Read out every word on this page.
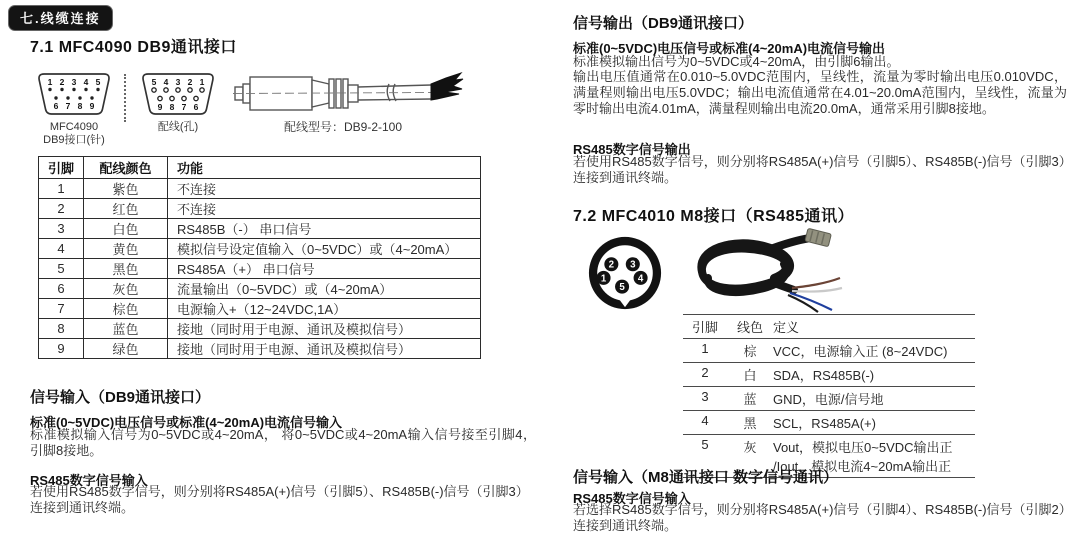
七.线缆连接
7.1 MFC4090 DB9通讯接口
1 2 3 4 5
6 7 8 9
MFC4090
DB9接口(针)
5 4 3 2 1
9 8 7 6
配线(孔)	配线型号：DB9-2-100
引脚	配线颜色	功能
1	紫色	不连接
2	红色	不连接
3	白色	RS485B（-） 串口信号
4	黄色	模拟信号设定值输入（0~5VDC）或（4~20mA）
5	黑色	RS485A（+） 串口信号
6	灰色	流量输出（0~5VDC）或（4~20mA）
7	棕色	电源输入+（12~24VDC,1A）
8	蓝色	接地（同时用于电源、通讯及模拟信号）
9	绿色	接地（同时用于电源、通讯及模拟信号）
信号输入（DB9通讯接口）
标准(0~5VDC)电压信号或标准(4~20mA)电流信号输入
标准模拟输入信号为0~5VDC或4~20mA， 将0~5VDC或4~20mA输入信号接至引脚4，引脚8接地。
RS485数字信号输入
若使用RS485数字信号，则分别将RS485A(+)信号（引脚5）、RS485B(-)信号（引脚3）连接到通讯终端。
信号输出（DB9通讯接口）
标准(0~5VDC)电压信号或标准(4~20mA)电流信号输出
标准模拟输出信号为0~5VDC或4~20mA，由引脚6输出。
输出电压值通常在0.010~5.0VDC范围内，呈线性，流量为零时输出电压0.010VDC，满量程则输出电压5.0VDC；输出电流值通常在4.01~20.0mA范围内，呈线性，流量为零时输出电流4.01mA，满量程则输出电流20.0mA，通常采用引脚8接地。
RS485数字信号输出
若使用RS485数字信号，则分别将RS485A(+)信号（引脚5）、RS485B(-)信号（引脚3）连接到通讯终端。
7.2 MFC4010 M8接口（RS485通讯）
1
2 3
4
5
引脚	线色	定义
1	棕	VCC，电源输入正 (8~24VDC)
2	白	SDA，RS485B(-)
3	蓝	GND，电源/信号地
4	黑	SCL，RS485A(+)
5	灰	Vout，模拟电压0~5VDC输出正
/Iout，模拟电流4~20mA输出正
信号输入（M8通讯接口 数字信号通讯）
RS485数字信号输入
若选择RS485数字信号，则分别将RS485A(+)信号（引脚4）、RS485B(-)信号（引脚2）连接到通讯终端。
